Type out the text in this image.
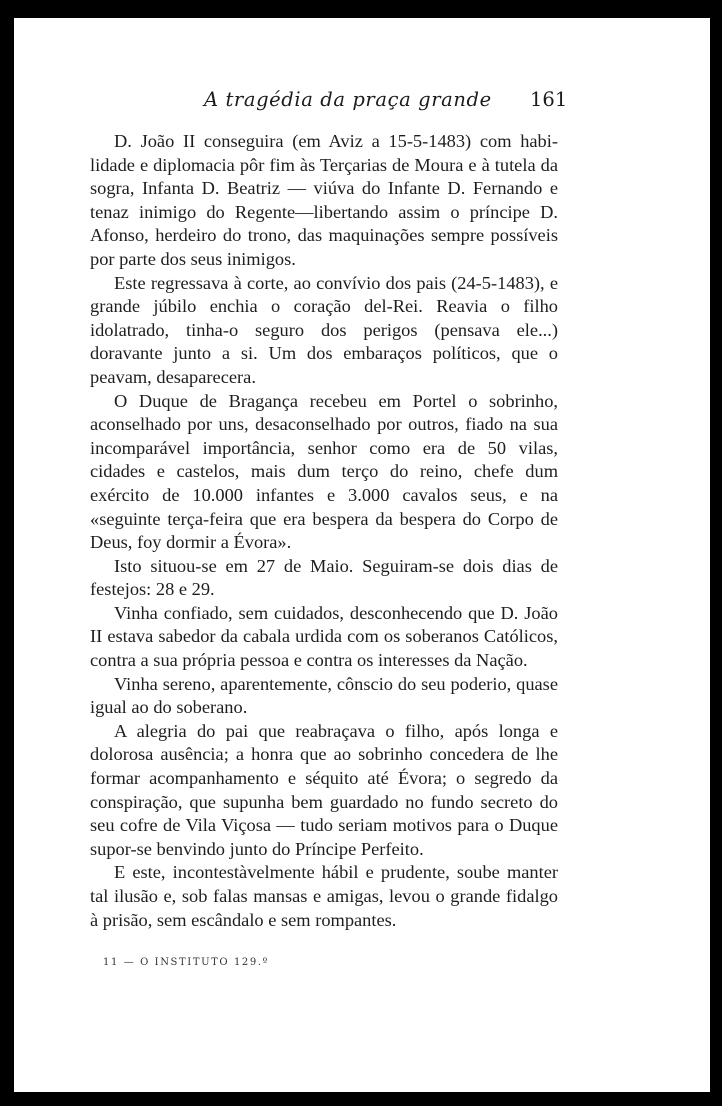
A tragédia da praça grande 161

D. João II conseguira (em Aviz a 15-5-1483) com habilidade e diplomacia pôr fim às Terçarias de Moura e à tutela da sogra, Infanta D. Beatriz — viúva do Infante D. Fernando e tenaz inimigo do Regente—libertando assim o príncipe D. Afonso, herdeiro do trono, das maquinações sempre possíveis por parte dos seus inimigos.

Este regressava à corte, ao convívio dos pais (24-5-1483), e grande júbilo enchia o coração del-Rei. Reavia o filho idolatrado, tinha-o seguro dos perigos (pensava ele...) doravante junto a si. Um dos embaraços políticos, que o peavam, desaparecera.

O Duque de Bragança recebeu em Portel o sobrinho, aconselhado por uns, desaconselhado por outros, fiado na sua incomparável importância, senhor como era de 50 vilas, cidades e castelos, mais dum terço do reino, chefe dum exército de 10.000 infantes e 3.000 cavalos seus, e na «seguinte terça-feira que era bespera da bespera do Corpo de Deus, foy dormir a Évora».

Isto situou-se em 27 de Maio. Seguiram-se dois dias de festejos: 28 e 29.

Vinha confiado, sem cuidados, desconhecendo que D. João II estava sabedor da cabala urdida com os soberanos Católicos, contra a sua própria pessoa e contra os interesses da Nação.

Vinha sereno, aparentemente, cônscio do seu poderio, quase igual ao do soberano.

A alegria do pai que reabraçava o filho, após longa e dolorosa ausência; a honra que ao sobrinho concedera de lhe formar acompanhamento e séquito até Évora; o segredo da conspiração, que supunha bem guardado no fundo secreto do seu cofre de Vila Viçosa — tudo seriam motivos para o Duque supor-se benvindo junto do Príncipe Perfeito.

E este, incontestàvelmente hábil e prudente, soube manter tal ilusão e, sob falas mansas e amigas, levou o grande fidalgo à prisão, sem escândalo e sem rompantes.

11 — O INSTITUTO 129.º
